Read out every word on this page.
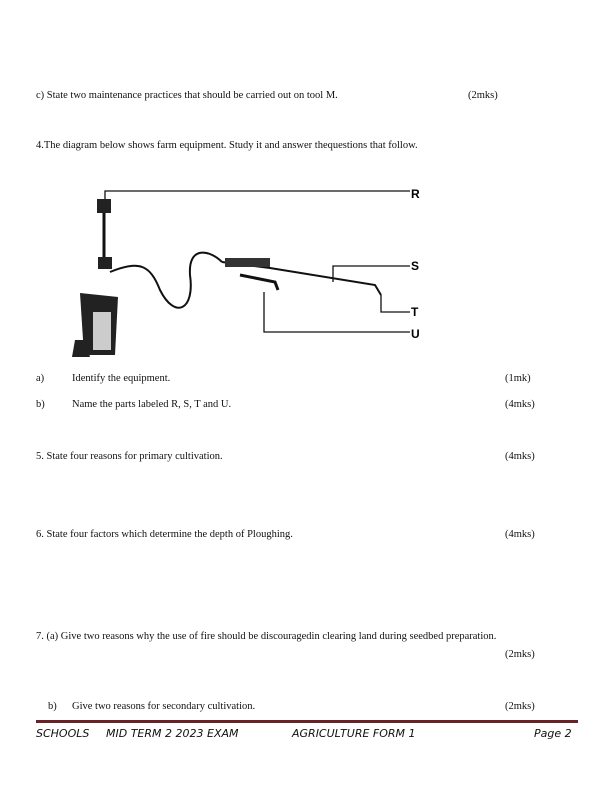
c) State two maintenance practices that should be carried out on tool M.	(2mks)
4.The diagram below shows farm equipment. Study it and answer thequestions that follow.
R
S
T
U
a)	Identify the equipment.	(1mk)
b)	Name the parts labeled R, S, T and U.	(4mks)
5. State four reasons for primary cultivation.	(4mks)
6. State four factors which determine the depth of Ploughing.	(4mks)
7. (a) Give two reasons why the use of fire should be discouragedin clearing land during seedbed preparation.
(2mks)
b) Give two reasons for secondary cultivation.	(2mks)
SCHOOLS MID TERM 2 2023 EXAM	AGRICULTURE FORM 1	Page 2
